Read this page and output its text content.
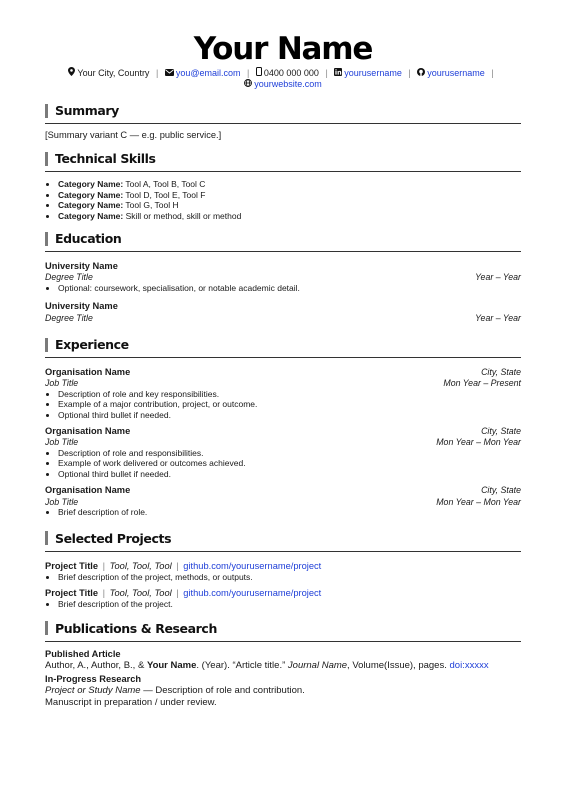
Your Name
Your City, Country | you@email.com | 0400 000 000 | yourusername | yourusername |
yourwebsite.com
Summary
[Summary variant C — e.g. public service.]
Technical Skills
• Category Name: Tool A, Tool B, Tool C
• Category Name: Tool D, Tool E, Tool F
• Category Name: Tool G, Tool H
• Category Name: Skill or method, skill or method
Education
University Name
Degree Title	Year – Year
• Optional: coursework, specialisation, or notable academic detail.
University Name
Degree Title	Year – Year
Experience
Organisation Name	City, State
Job Title	Mon Year – Present
• Description of role and key responsibilities.
• Example of a major contribution, project, or outcome.
• Optional third bullet if needed.
Organisation Name	City, State
Job Title	Mon Year – Mon Year
• Description of role and responsibilities.
• Example of work delivered or outcomes achieved.
• Optional third bullet if needed.
Organisation Name	City, State
Job Title	Mon Year – Mon Year
• Brief description of role.
Selected Projects
Project Title | Tool, Tool, Tool | github.com/yourusername/project
• Brief description of the project, methods, or outputs.
Project Title | Tool, Tool, Tool | github.com/yourusername/project
• Brief description of the project.
Publications & Research
Published Article
Author, A., Author, B., & Your Name. (Year). “Article title.” Journal Name, Volume(Issue), pages. doi:xxxxx
In-Progress Research
Project or Study Name — Description of role and contribution.
Manuscript in preparation / under review.
